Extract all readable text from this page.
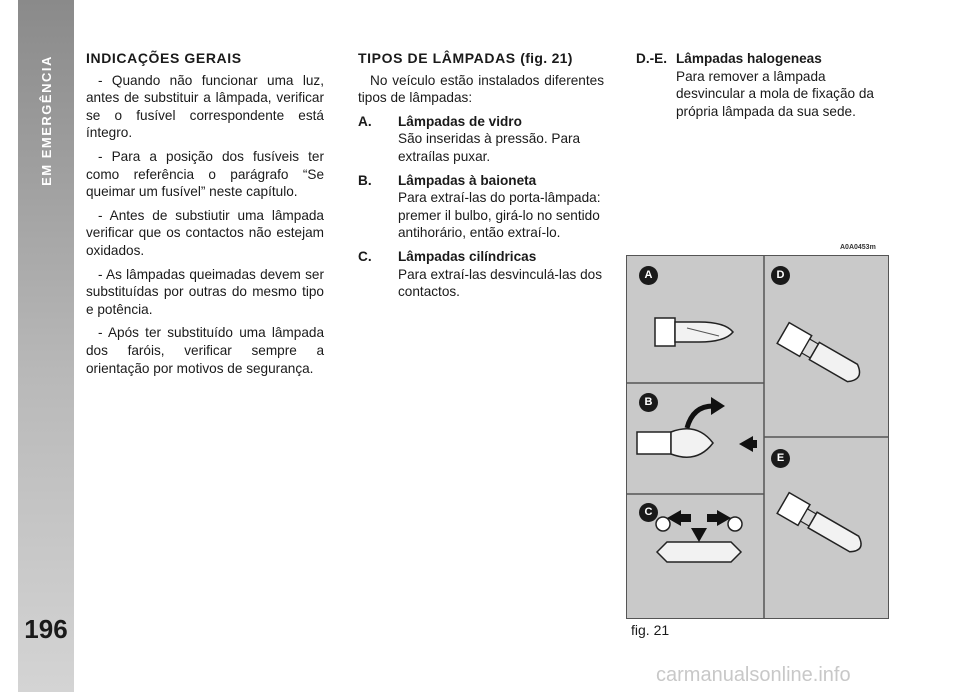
EM EMERGÊNCIA
196
INDICAÇÕES GERAIS

- Quando não funcionar uma luz, antes de substituir a lâmpada, verificar se o fusível correspondente está íntegro.

- Para a posição dos fusíveis ter como referência o parágrafo “Se queimar um fusível” neste capítulo.

- Antes de substiutir uma lâmpada verificar que os contactos não estejam oxidados.

- As lâmpadas queimadas devem ser substituídas por outras do mesmo tipo e potência.

- Após ter substituído uma lâmpada dos faróis, verificar sempre a orientação por motivos de segurança.

TIPOS DE LÂMPADAS (fig. 21)

No veículo estão instalados diferentes tipos de lâmpadas:

A.	Lâmpadas de vidro
São inseridas à pressão. Para extraílas puxar.
B.	Lâmpadas à baioneta
Para extraí-las do porta-lâmpada: premer il bulbo, girá-lo no sentido antihorário, então extraí-lo.
C.	Lâmpadas cilíndricas
Para extraí-las desvinculá-las dos contactos.
D.-E. Lâmpadas halogeneas
Para remover a lâmpada desvincular a mola de fixação da própria lâmpada da sua sede.
A0A0453m
A
B
C
D
E
fig. 21
carmanualsonline.info
